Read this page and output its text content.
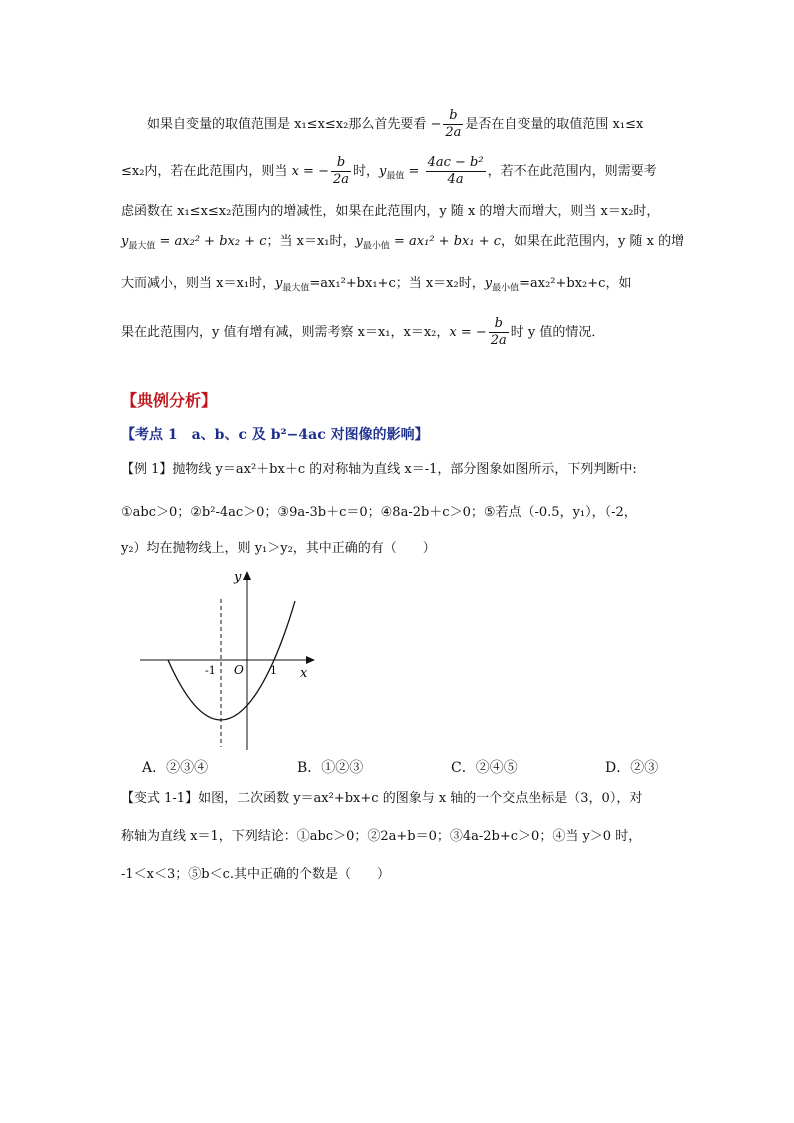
如果自变量的取值范围是 x₁≤x≤x₂那么首先要看 − $\frac{b}{2a}$ 是否在自变量的取值范围 x₁≤x
≤x₂内，若在此范围内，则当 x = − $\frac{b}{2a}$ 时，$y_{最值} = \frac{\text{4ac − b²}}{4a}$ ，若不在此范围内，则需要考
虑函数在 x₁≤x≤x₂范围内的增减性，如果在此范围内，y 随 x 的增大而增大，则当 x＝x₂时，
$y_{最大值} = ax_2^2 + bx_2 + c$；当 x＝x₁时，$y_{最小值} = ax_1^2 + bx_1 + c$，如果在此范围内，y 随 x 的增
大而减小，则当 x＝x₁时，$y_{最大值}=ax_1^2+bx_1+c$；当 x＝x₂时，$y_{最小值}=ax_2^2+bx_2+c$，如
果在此范围内，y 值有增有减，则需考察 x＝x₁，x＝x₂，x = − $\frac{b}{2a}$ 时 y 值的情况．
【典例分析】
【考点 1　a、b、c 及 b²−4ac 对图像的影响】
【例 1】抛物线 y＝ax²＋bx＋c 的对称轴为直线 x＝-1，部分图象如图所示，下列判断中:
①abc＞0；②b²-4ac＞0；③9a-3b＋c＝0；④8a-2b＋c＞0；⑤若点（-0.5，y₁），（-2，
y₂）均在抛物线上，则 y₁＞y₂，其中正确的有（　　）
y
x
O
-1	1
A．②③④	B．①②③	C．②④⑤	D．②③
【变式 1-1】如图，二次函数 y＝ax²+bx+c 的图象与 x 轴的一个交点坐标是（3，0），对
称轴为直线 x＝1，下列结论：①abc＞0；②2a+b＝0；③4a-2b+c＞0；④当 y＞0 时，
-1＜x＜3；⑤b＜c.其中正确的个数是（　　）
